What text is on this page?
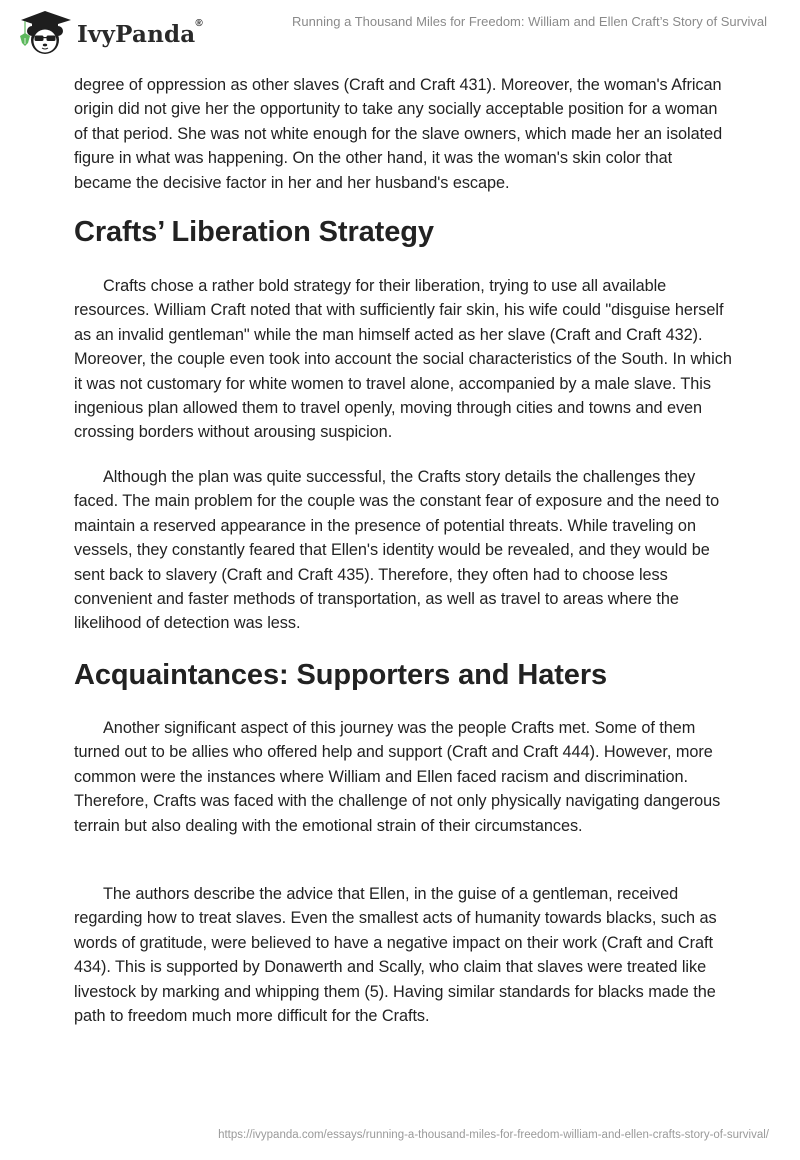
IvyPanda®	Running a Thousand Miles for Freedom: William and Ellen Craft’s Story of Survival

degree of oppression as other slaves (Craft and Craft 431). Moreover, the woman's African origin did not give her the opportunity to take any socially acceptable position for a woman of that period. She was not white enough for the slave owners, which made her an isolated figure in what was happening. On the other hand, it was the woman's skin color that became the decisive factor in her and her husband's escape.

Crafts’ Liberation Strategy

Crafts chose a rather bold strategy for their liberation, trying to use all available resources. William Craft noted that with sufficiently fair skin, his wife could "disguise herself as an invalid gentleman" while the man himself acted as her slave (Craft and Craft 432). Moreover, the couple even took into account the social characteristics of the South. In which it was not customary for white women to travel alone, accompanied by a male slave. This ingenious plan allowed them to travel openly, moving through cities and towns and even crossing borders without arousing suspicion.

Although the plan was quite successful, the Crafts story details the challenges they faced. The main problem for the couple was the constant fear of exposure and the need to maintain a reserved appearance in the presence of potential threats. While traveling on vessels, they constantly feared that Ellen's identity would be revealed, and they would be sent back to slavery (Craft and Craft 435). Therefore, they often had to choose less convenient and faster methods of transportation, as well as travel to areas where the likelihood of detection was less.

Acquaintances: Supporters and Haters

Another significant aspect of this journey was the people Crafts met. Some of them turned out to be allies who offered help and support (Craft and Craft 444). However, more common were the instances where William and Ellen faced racism and discrimination. Therefore, Crafts was faced with the challenge of not only physically navigating dangerous terrain but also dealing with the emotional strain of their circumstances.

The authors describe the advice that Ellen, in the guise of a gentleman, received regarding how to treat slaves. Even the smallest acts of humanity towards blacks, such as words of gratitude, were believed to have a negative impact on their work (Craft and Craft 434). This is supported by Donawerth and Scally, who claim that slaves were treated like livestock by marking and whipping them (5). Having similar standards for blacks made the path to freedom much more difficult for the Crafts.

https://ivypanda.com/essays/running-a-thousand-miles-for-freedom-william-and-ellen-crafts-story-of-survival/
